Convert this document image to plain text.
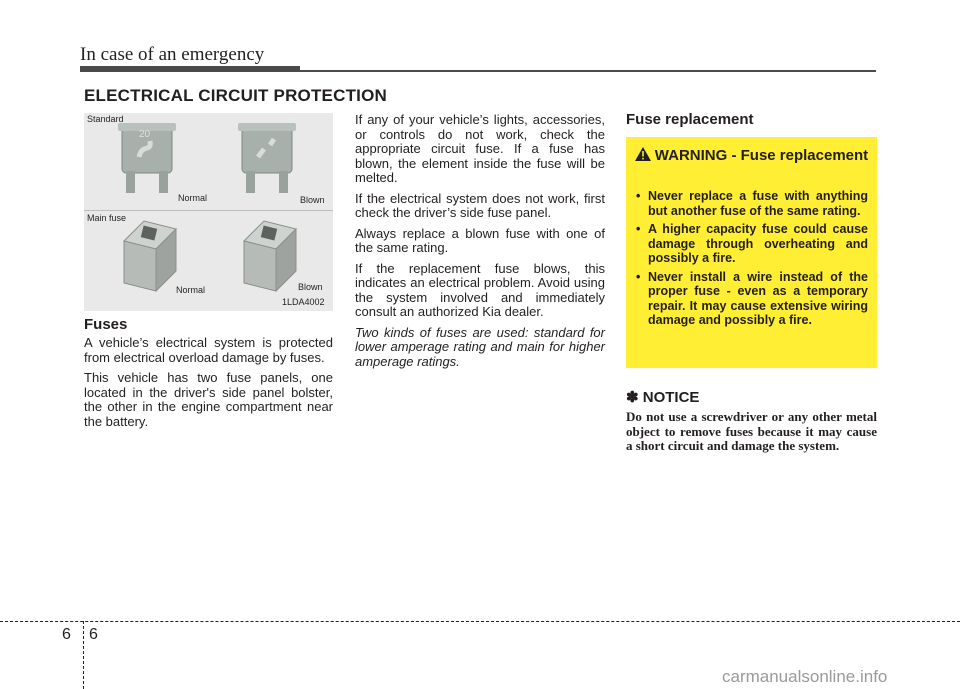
In case of an emergency
ELECTRICAL CIRCUIT PROTECTION
20
Standard
Normal	Blown
Main fuse
Normal	Blown
1LDA4002
Fuses

A vehicle’s electrical system is protected from electrical overload damage by fuses.

This vehicle has two fuse panels, one located in the driver's side panel bolster, the other in the engine compartment near the battery.

If any of your vehicle’s lights, accessories, or controls do not work, check the appropriate circuit fuse. If a fuse has blown, the element inside the fuse will be melted.

If the electrical system does not work, first check the driver’s side fuse panel.

Always replace a blown fuse with one of the same rating.

If the replacement fuse blows, this indicates an electrical problem. Avoid using the system involved and immediately consult an authorized Kia dealer.

Two kinds of fuses are used: standard for lower amperage rating and main for higher amperage ratings.

Fuse replacement
WARNING - Fuse replacement
• Never replace a fuse with anything but another fuse of the same rating.
• A higher capacity fuse could cause damage through overheating and possibly a fire.
• Never install a wire instead of the proper fuse - even as a temporary repair. It may cause extensive wiring damage and possibly a fire.
✽ NOTICE
Do not use a screwdriver or any other metal object to remove fuses because it may cause a short circuit and damage the system.
6 6
carmanualsonline.info
